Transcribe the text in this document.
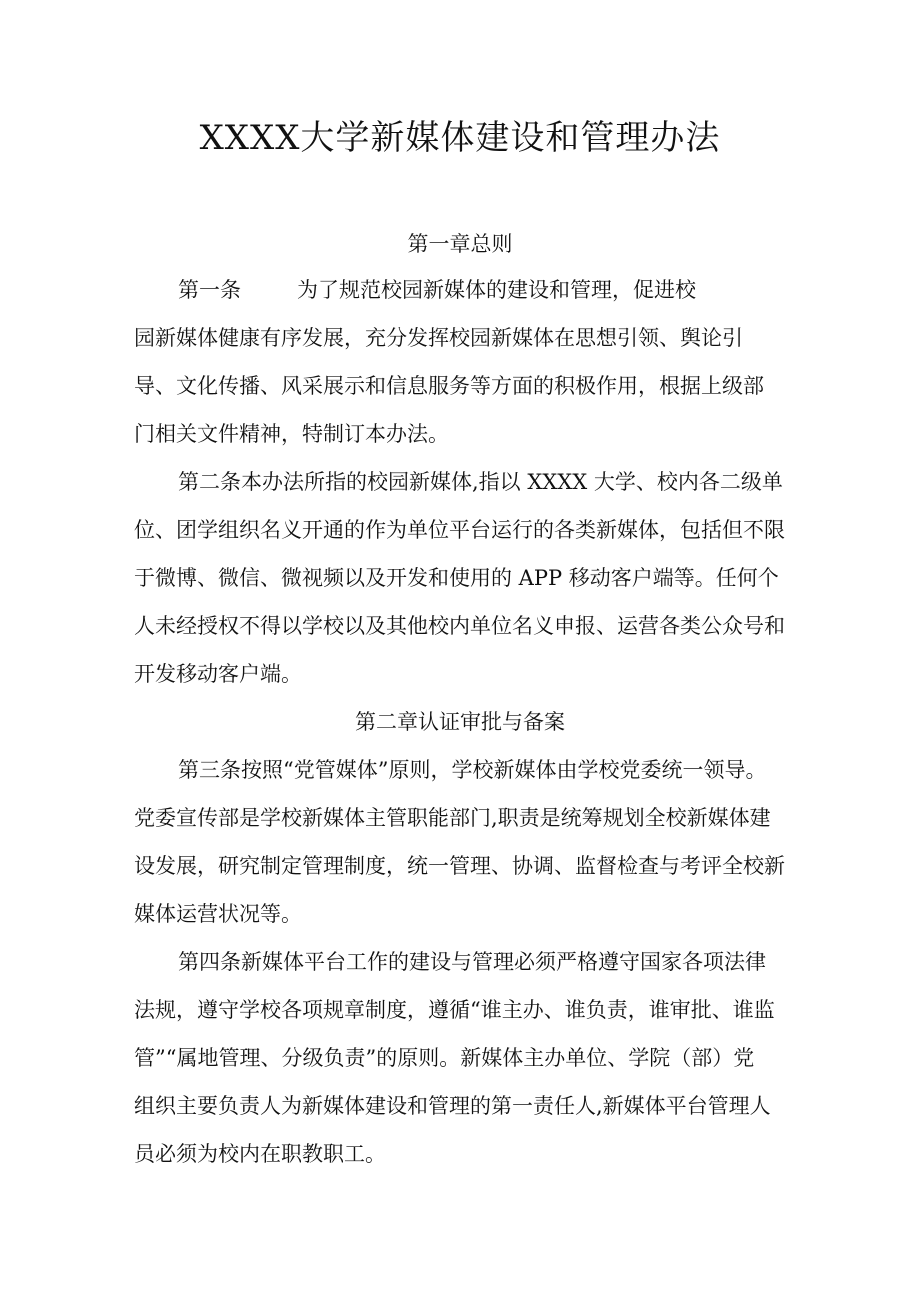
XXXX大学新媒体建设和管理办法
第一章总则

第一条	为了规范校园新媒体的建设和管理，促进校

园新媒体健康有序发展，充分发挥校园新媒体在思想引领、舆论引

导、文化传播、风采展示和信息服务等方面的积极作用，根据上级部

门相关文件精神，特制订本办法。

第二条本办法所指的校园新媒体,指以 XXXX 大学、校内各二级单

位、团学组织名义开通的作为单位平台运行的各类新媒体，包括但不限

于微博、微信、微视频以及开发和使用的 APP 移动客户端等。任何个

人未经授权不得以学校以及其他校内单位名义申报、运营各类公众号和

开发移动客户端。

第二章认证审批与备案

第三条按照“党管媒体”原则，学校新媒体由学校党委统一领导。

党委宣传部是学校新媒体主管职能部门,职责是统筹规划全校新媒体建

设发展，研究制定管理制度，统一管理、协调、监督检查与考评全校新

媒体运营状况等。

第四条新媒体平台工作的建设与管理必须严格遵守国家各项法律

法规，遵守学校各项规章制度，遵循“谁主办、谁负责，谁审批、谁监

管”“属地管理、分级负责”的原则。新媒体主办单位、学院（部）党

组织主要负责人为新媒体建设和管理的第一责任人,新媒体平台管理人

员必须为校内在职教职工。
